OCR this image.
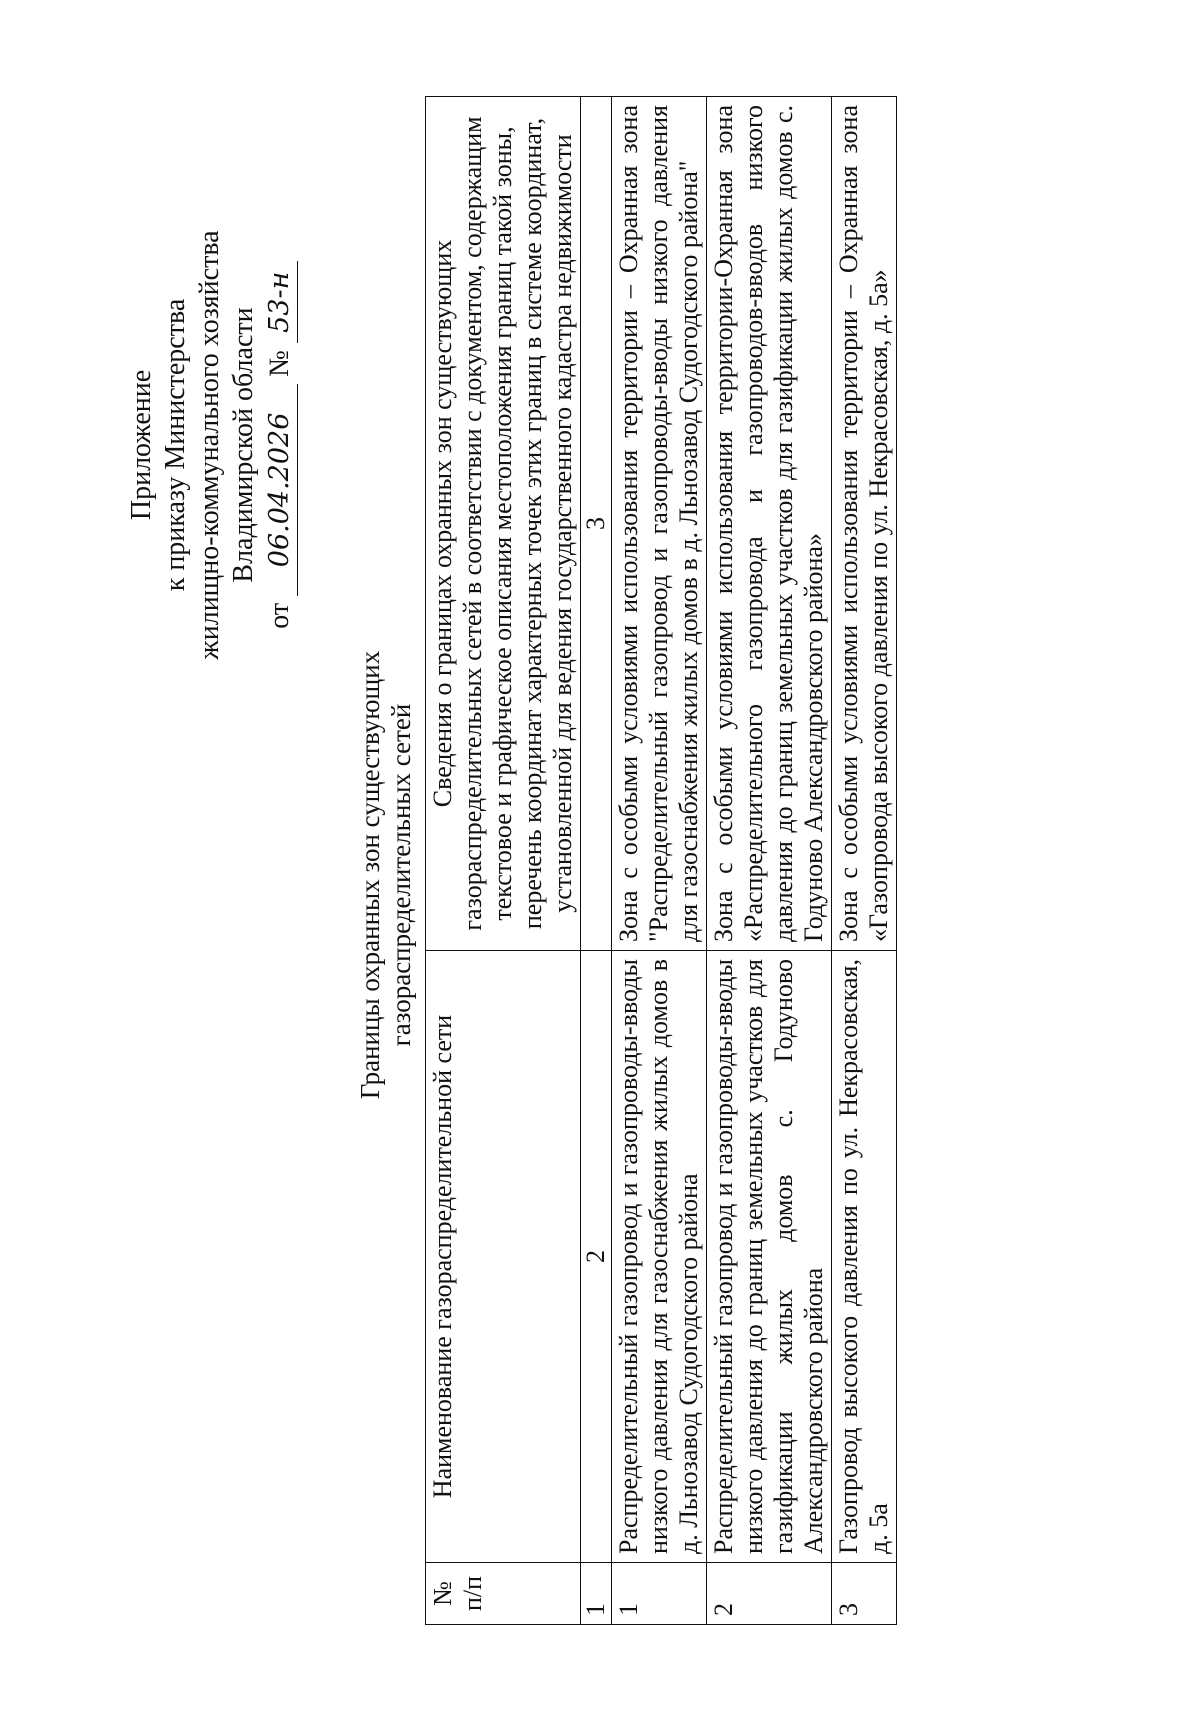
Приложение к приказу Министерства жилищно-коммунального хозяйства Владимирской области
от 06.04.2026 № 53-н
Границы охранных зон существующих газораспределительных сетей
№ п/п	Наименование газораспределительной сети	Сведения о границах охранных зон существующих газораспределительных сетей в соответствии с документом, содержащим текстовое и графическое описания местоположения границ такой зоны, перечень координат характерных точек этих границ в системе координат, установленной для ведения государственного кадастра недвижимости
1	2	3
1	Распределительный газопровод и газопроводы-вводы низкого давления для газоснабжения жилых домов в д. Льнозавод Судогодского района	Зона с особыми условиями использования территории – Охранная зона "Распределительный газопровод и газопроводы-вводы низкого давления для газоснабжения жилых домов в д. Льнозавод Судогодского района"
2	Распределительный газопровод и газопроводы-вводы низкого давления до границ земельных участков для газификации жилых домов с. Годуново Александровского района	Зона с особыми условиями использования территории-Охранная зона «Распределительного газопровода и газопроводов-вводов низкого давления до границ земельных участков для газификации жилых домов с. Годуново Александровского района»
3	Газопровод высокого давления по ул. Некрасовская, д. 5а	Зона с особыми условиями использования территории – Охранная зона «Газопровода высокого давления по ул. Некрасовская, д. 5а»
